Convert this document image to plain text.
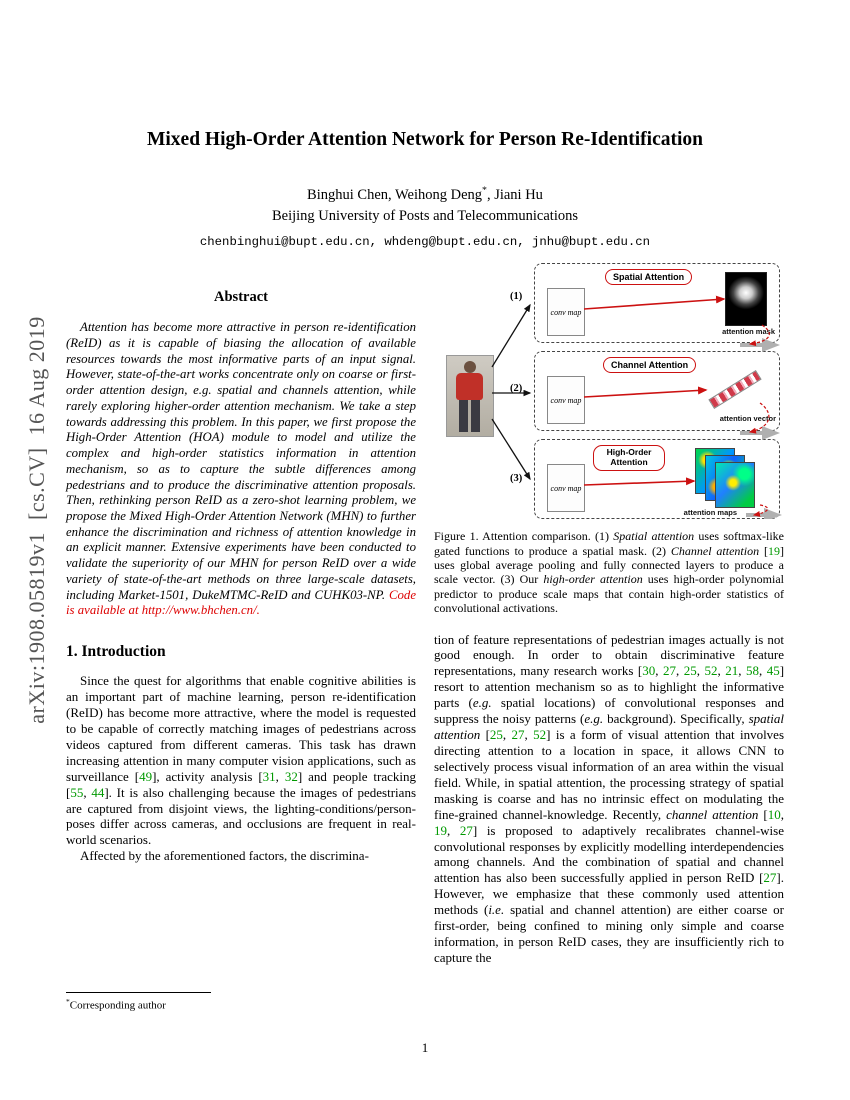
arXiv:1908.05819v1  [cs.CV]  16 Aug 2019
Mixed High-Order Attention Network for Person Re-Identification
Binghui Chen, Weihong Deng*, Jiani Hu
Beijing University of Posts and Telecommunications
chenbinghui@bupt.edu.cn, whdeng@bupt.edu.cn, jnhu@bupt.edu.cn
Abstract

Attention has become more attractive in person re-identification (ReID) as it is capable of biasing the allocation of available resources towards the most informative parts of an input signal. However, state-of-the-art works concentrate only on coarse or first-order attention design, e.g. spatial and channels attention, while rarely exploring higher-order attention mechanism. We take a step towards addressing this problem. In this paper, we first propose the High-Order Attention (HOA) module to model and utilize the complex and high-order statistics information in attention mechanism, so as to capture the subtle differences among pedestrians and to produce the discriminative attention proposals. Then, rethinking person ReID as a zero-shot learning problem, we propose the Mixed High-Order Attention Network (MHN) to further enhance the discrimination and richness of attention knowledge in an explicit manner. Extensive experiments have been conducted to validate the superiority of our MHN for person ReID over a wide variety of state-of-the-art methods on three large-scale datasets, including Market-1501, DukeMTMC-ReID and CUHK03-NP. Code is available at http://www.bhchen.cn/.

1. Introduction

Since the quest for algorithms that enable cognitive abilities is an important part of machine learning, person re-identification (ReID) has become more attractive, where the model is requested to be capable of correctly matching images of pedestrians across videos captured from different cameras. This task has drawn increasing attention in many computer vision applications, such as surveillance [49], activity analysis [31, 32] and people tracking [55, 44]. It is also challenging because the images of pedestrians are captured from disjoint views, the lighting-conditions/person-poses differ across cameras, and occlusions are frequent in real-world scenarios.

Affected by the aforementioned factors, the discrimina-

*Corresponding author
(1)
(2)
(3)
conv map
Spatial Attention
attention mask
conv map
Channel Attention
attention vector
conv map
High-Order Attention
attention maps
Figure 1. Attention comparison. (1) Spatial attention uses softmax-like gated functions to produce a spatial mask. (2) Channel attention [19] uses global average pooling and fully connected layers to produce a scale vector. (3) Our high-order attention uses high-order polynomial predictor to produce scale maps that contain high-order statistics of convolutional activations.

tion of feature representations of pedestrian images actually is not good enough. In order to obtain discriminative feature representations, many research works [30, 27, 25, 52, 21, 58, 45] resort to attention mechanism so as to highlight the informative parts (e.g. spatial locations) of convolutional responses and suppress the noisy patterns (e.g. background). Specifically, spatial attention [25, 27, 52] is a form of visual attention that involves directing attention to a location in space, it allows CNN to selectively process visual information of an area within the visual field. While, in spatial attention, the processing strategy of spatial masking is coarse and has no intrinsic effect on modulating the fine-grained channel-knowledge. Recently, channel attention [10, 19, 27] is proposed to adaptively recalibrates channel-wise convolutional responses by explicitly modelling interdependencies among channels. And the combination of spatial and channel attention has also been successfully applied in person ReID [27]. However, we emphasize that these commonly used attention methods (i.e. spatial and channel attention) are either coarse or first-order, being confined to mining only simple and coarse information, in person ReID cases, they are insufficiently rich to capture the

1
